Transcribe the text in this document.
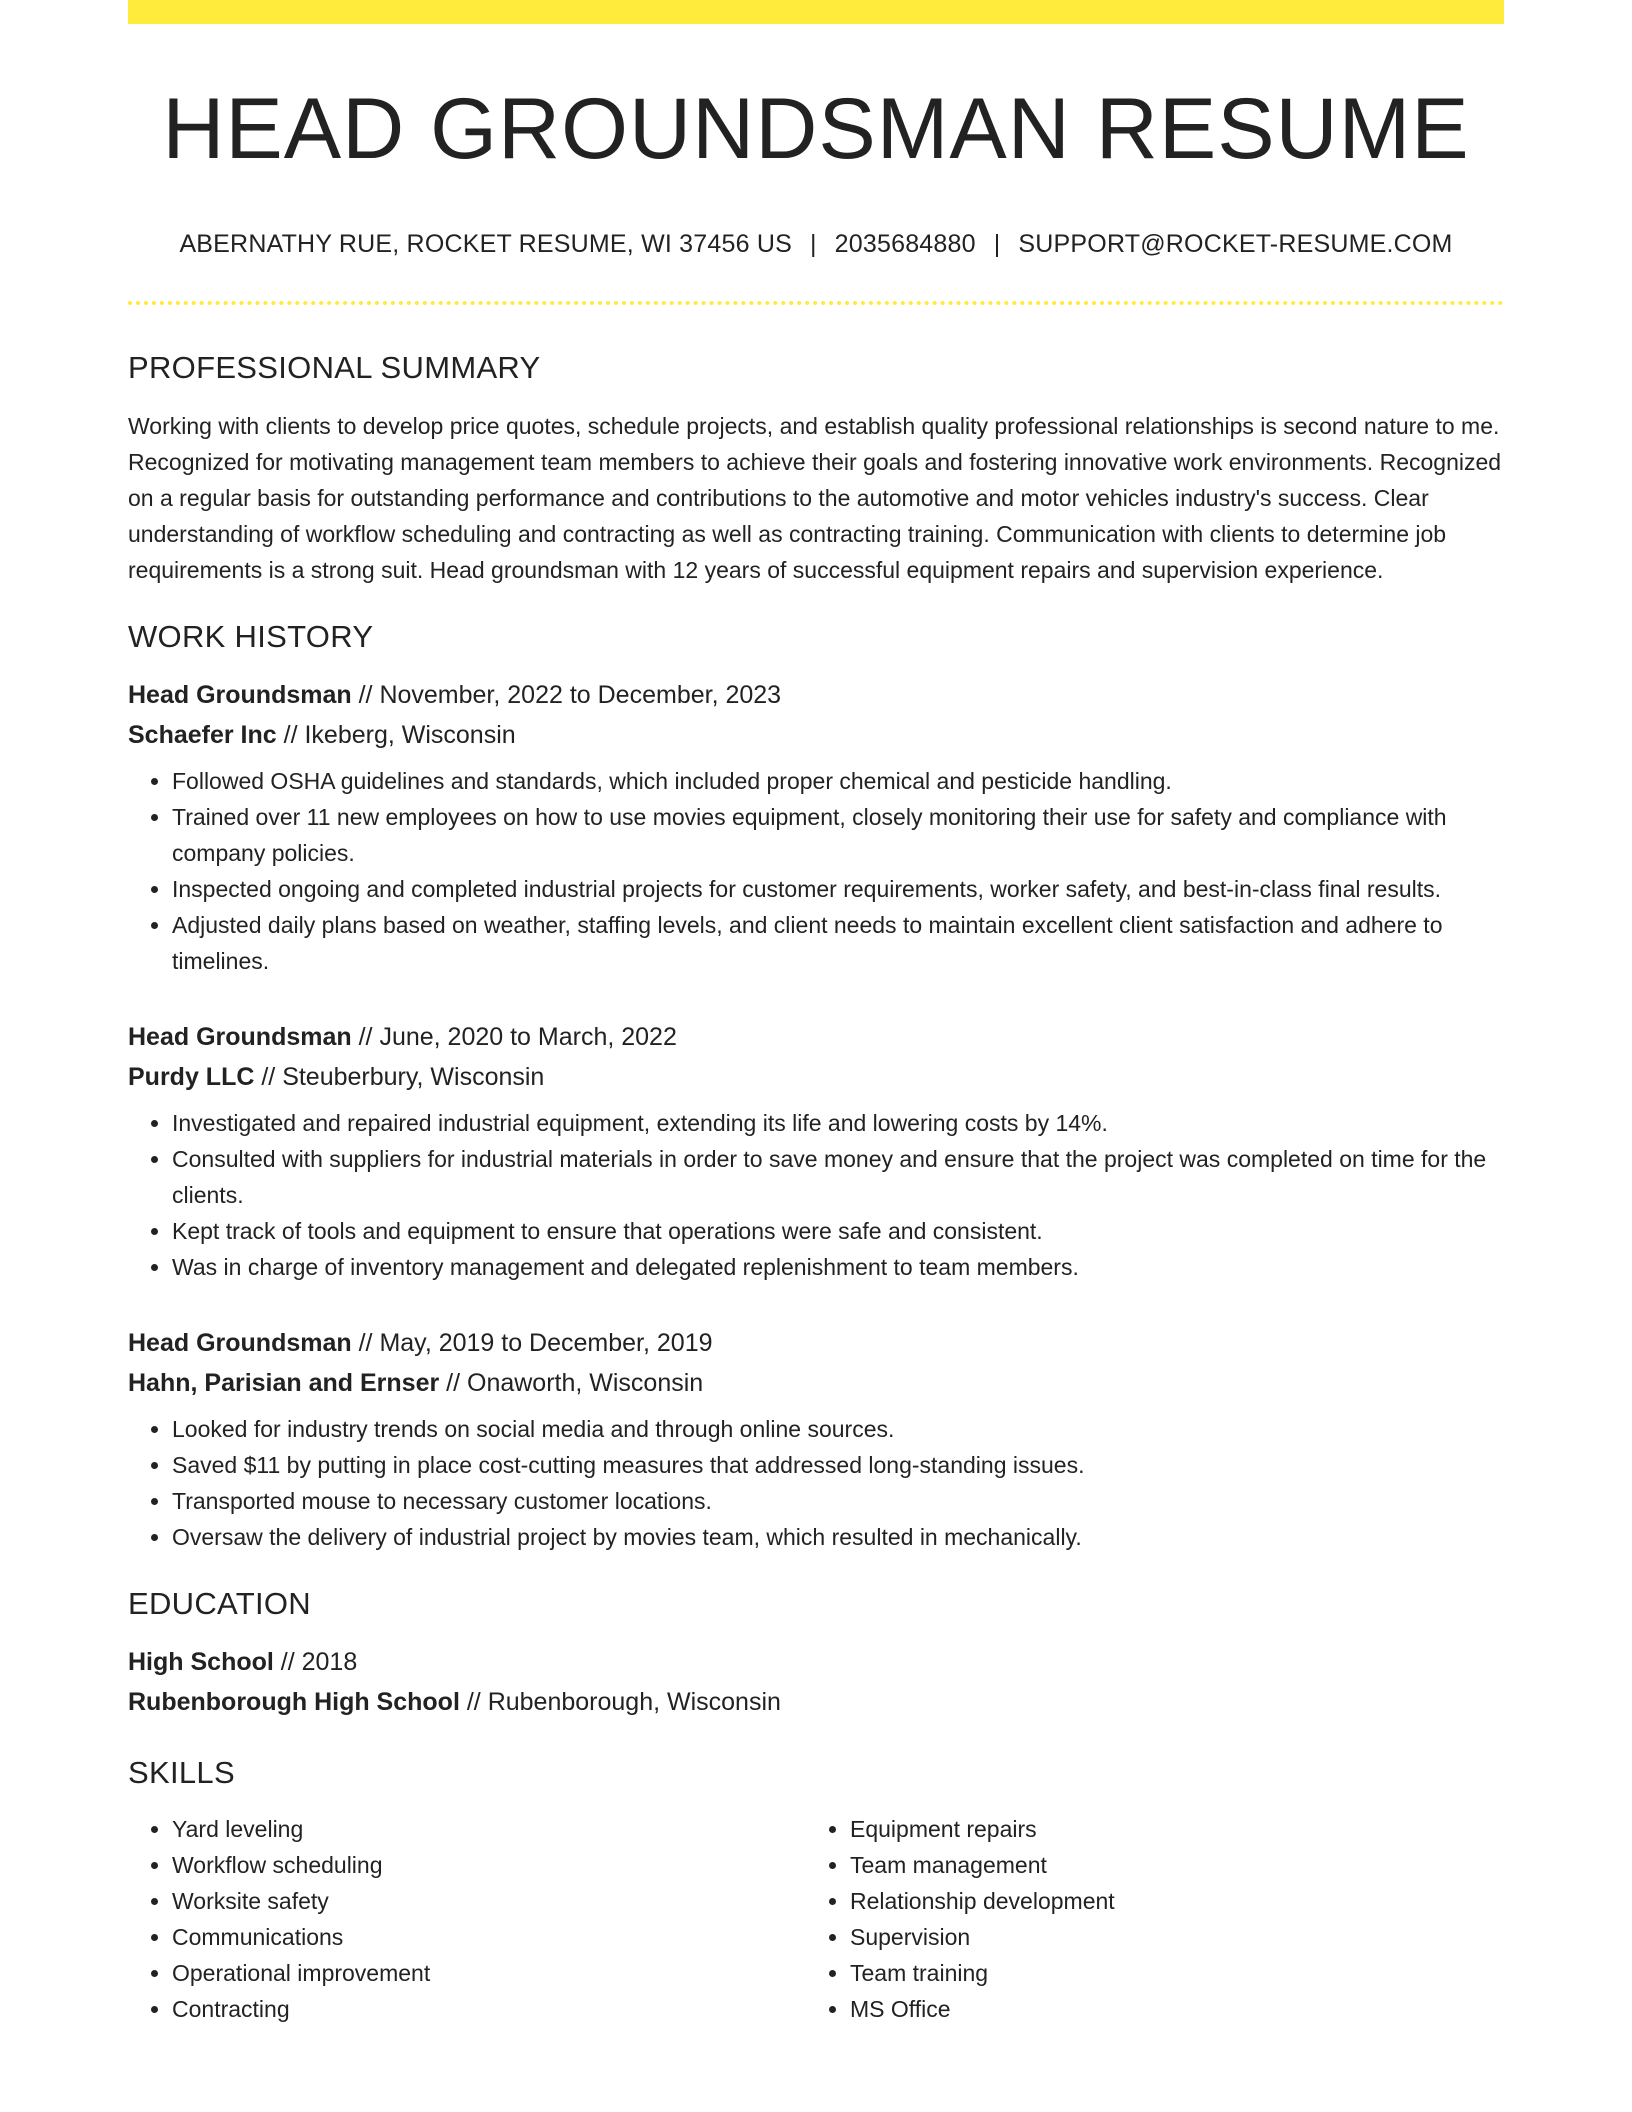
HEAD GROUNDSMAN RESUME
ABERNATHY RUE, ROCKET RESUME, WI 37456 US | 2035684880 | SUPPORT@ROCKET-RESUME.COM
PROFESSIONAL SUMMARY
Working with clients to develop price quotes, schedule projects, and establish quality professional relationships is second nature to me. Recognized for motivating management team members to achieve their goals and fostering innovative work environments. Recognized on a regular basis for outstanding performance and contributions to the automotive and motor vehicles industry's success. Clear understanding of workflow scheduling and contracting as well as contracting training. Communication with clients to determine job requirements is a strong suit. Head groundsman with 12 years of successful equipment repairs and supervision experience.
WORK HISTORY
Head Groundsman // November, 2022 to December, 2023
Schaefer Inc // Ikeberg, Wisconsin
• Followed OSHA guidelines and standards, which included proper chemical and pesticide handling.
• Trained over 11 new employees on how to use movies equipment, closely monitoring their use for safety and compliance with company policies.
• Inspected ongoing and completed industrial projects for customer requirements, worker safety, and best-in-class final results.
• Adjusted daily plans based on weather, staffing levels, and client needs to maintain excellent client satisfaction and adhere to timelines.
Head Groundsman // June, 2020 to March, 2022
Purdy LLC // Steuberbury, Wisconsin
• Investigated and repaired industrial equipment, extending its life and lowering costs by 14%.
• Consulted with suppliers for industrial materials in order to save money and ensure that the project was completed on time for the clients.
• Kept track of tools and equipment to ensure that operations were safe and consistent.
• Was in charge of inventory management and delegated replenishment to team members.
Head Groundsman // May, 2019 to December, 2019
Hahn, Parisian and Ernser // Onaworth, Wisconsin
• Looked for industry trends on social media and through online sources.
• Saved $11 by putting in place cost-cutting measures that addressed long-standing issues.
• Transported mouse to necessary customer locations.
• Oversaw the delivery of industrial project by movies team, which resulted in mechanically.
EDUCATION
High School // 2018
Rubenborough High School // Rubenborough, Wisconsin
SKILLS
• Yard leveling
• Workflow scheduling
• Worksite safety
• Communications
• Operational improvement
• Contracting
• Equipment repairs
• Team management
• Relationship development
• Supervision
• Team training
• MS Office
